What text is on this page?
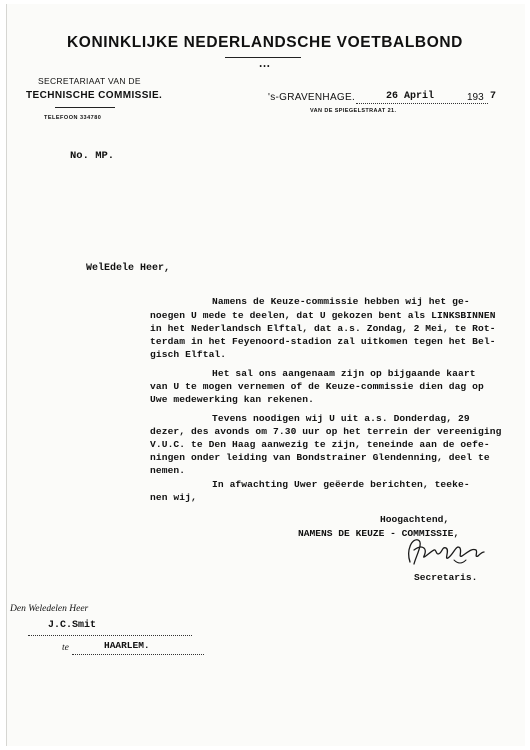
KONINKLIJKE NEDERLANDSCHE VOETBALBOND
•••
SECRETARIAAT VAN DE
TECHNISCHE COMMISSIE.
TELEFOON 334780
's-GRAVENHAGE.	26 April	193 7
VAN DE SPIEGELSTRAAT 21.
No. MP.
WelEdele Heer,
Namens de Keuze-commissie hebben wij het ge-
noegen U mede te deelen, dat U gekozen bent als LINKSBINNEN
in het Nederlandsch Elftal, dat a.s. Zondag, 2 Mei, te Rot-
terdam in het Feyenoord-stadion zal uitkomen tegen het Bel-
gisch Elftal.
Het sal ons aangenaam zijn op bijgaande kaart
van U te mogen vernemen of de Keuze-commissie dien dag op
Uwe medewerking kan rekenen.
Tevens noodigen wij U uit a.s. Donderdag, 29
dezer, des avonds om 7.30 uur op het terrein der vereeniging
V.U.C. te Den Haag aanwezig te zijn, teneinde aan de oefe-
ningen onder leiding van Bondstrainer Glendenning, deel te
nemen.
In afwachting Uwer geëerde berichten, teeke-
nen wij,
Hoogachtend,
NAMENS DE KEUZE - COMMISSIE,
Secretaris.
Den Weledelen Heer
J.C.Smit
te	HAARLEM.
